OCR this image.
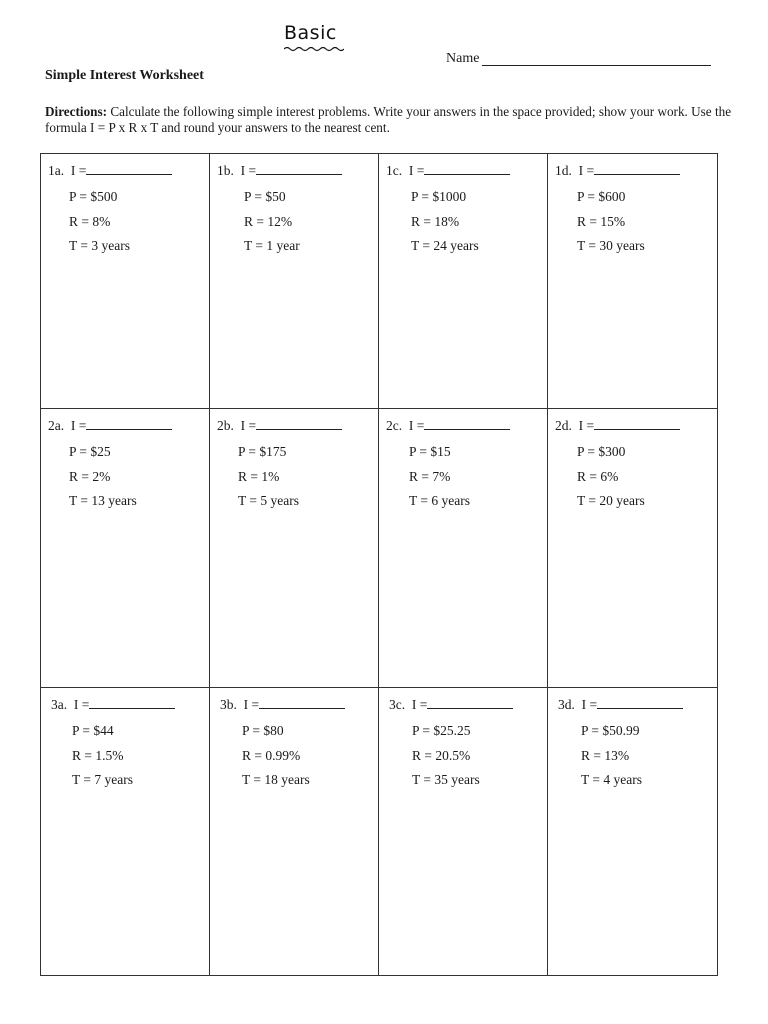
Basic
Name
Simple Interest Worksheet
Directions: Calculate the following simple interest problems. Write your answers in the space provided; show your work. Use the formula I = P x R x T and round your answers to the nearest cent.
1a. I =
P = $500
R = 8%
T = 3 years
1b. I =
P = $50
R = 12%
T = 1 year
1c. I =
P = $1000
R = 18%
T = 24 years
1d. I =
P = $600
R = 15%
T = 30 years
2a. I =
P = $25
R = 2%
T = 13 years
2b. I =
P = $175
R = 1%
T = 5 years
2c. I =
P = $15
R = 7%
T = 6 years
2d. I =
P = $300
R = 6%
T = 20 years
3a. I =
P = $44
R = 1.5%
T = 7 years
3b. I =
P = $80
R = 0.99%
T = 18 years
3c. I =
P = $25.25
R = 20.5%
T = 35 years
3d. I =
P = $50.99
R = 13%
T = 4 years
